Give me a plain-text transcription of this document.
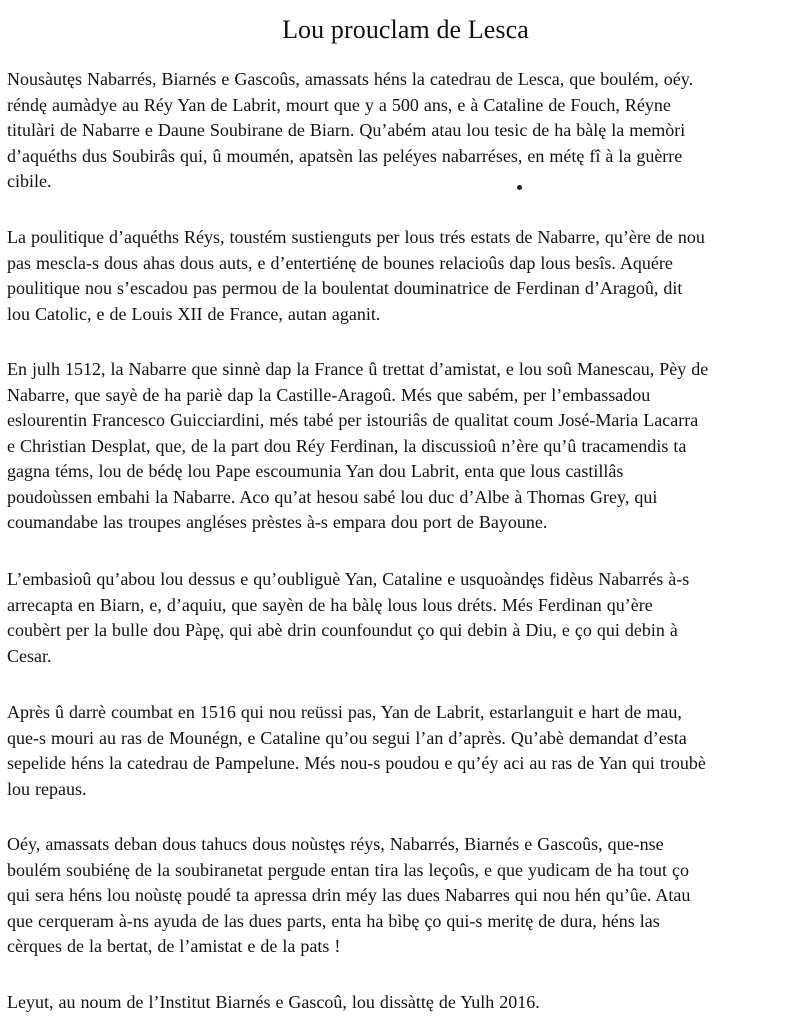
Lou prouclam de Lesca

Nousàutęs Nabarrés, Biarnés e Gascoûs, amassats héns la catedrau de Lesca, que boulém, oéy.
réndę aumàdye au Réy Yan de Labrit, mourt que y a 500 ans, e à Cataline de Fouch, Réyne
titulàri de Nabarre e Daune Soubirane de Biarn. Qu’abém atau lou tesic de ha bàlę la memòri
d’aquéths dus Soubirâs qui, û moumén, apatsèn las peléyes nabarréses, en métę fî à la guèrre
cibile.

La poulitique d’aquéths Réys, toustém sustienguts per lous trés estats de Nabarre, qu’ère de nou
pas mescla-s dous ahas dous auts, e d’entertiénę de bounes relaciоûs dap lous besîs. Aquére
poulitique nou s’escadou pas permou de la boulentat douminatrice de Ferdinan d’Aragoû, dit
lou Catolic, e de Louis XII de France, autan aganit.

En julh 1512, la Nabarre que sinnè dap la France û trettat d’amistat, e lou soû Manescau, Pèy de
Nabarre, que sayè de ha pariè dap la Castille-Aragoû. Més que sabém, per l’embassadou
eslourentin Francesco Guicciardini, més tabé per istouriâs de qualitat coum José-Maria Lacarra
e Christian Desplat, que, de la part dou Réy Ferdinan, la discussioû n’ère qu’û tracamendis ta
gagna téms, lou de bédę lou Pape escoumunia Yan dou Labrit, enta que lous castillâs
poudoùssen embahi la Nabarre. Aco qu’at hesou sabé lou duc d’Albe à Thomas Grey, qui
coumandabe las troupes angléses prèstes à-s empara dou port de Bayoune.

L’embasioû qu’abou lou dessus e qu’oubliguè Yan, Cataline e usquoàndęs fidèus Nabarrés à-s
arrecapta en Biarn, e, d’aquiu, que sayèn de ha bàlę lous lous dréts. Més Ferdinan qu’ère
coubèrt per la bulle dou Pàpę, qui abè drin counfoundut ço qui debin à Diu, e ço qui debin à
Cesar.

Après û darrè coumbat en 1516 qui nou reüssi pas, Yan de Labrit, estarlanguit e hart de mau,
que-s mouri au ras de Mounégn, e Cataline qu’ou segui l’an d’après. Qu’abè demandat d’esta
sepelide héns la catedrau de Pampelune. Més nou-s poudou e qu’éy aci au ras de Yan qui troubè
lou repaus.

Oéy, amassats deban dous tahucs dous noùstęs réys, Nabarrés, Biarnés e Gascoûs, que-nse
boulém soubiénę de la soubiranetat pergude entan tira las leçoûs, e que yudicam de ha tout ço
qui sera héns lou noùstę poudé ta apressa drin méy las dues Nabarres qui nou hén qu’ûe. Atau
que cerqueram à-ns ayuda de las dues parts, enta ha bìbę ço qui-s meritę de dura, héns las
cèrques de la bertat, de l’amistat e de la pats !

Leyut, au noum de l’Institut Biarnés e Gascoû, lou dissàttę de Yulh 2016.
